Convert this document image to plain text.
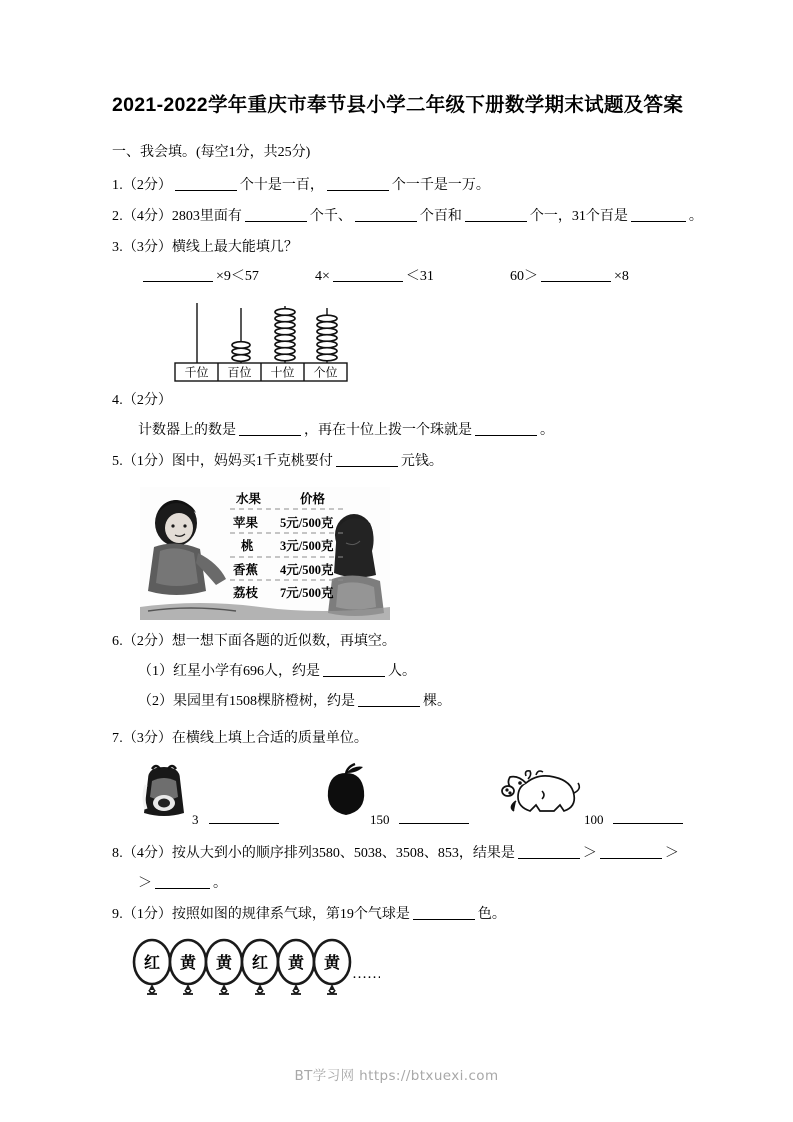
2021-2022学年重庆市奉节县小学二年级下册数学期末试题及答案
一、我会填。(每空1分，共25分)
1.（2分）	个十是一百，	个一千是一万。
2.（4分）2803里面有	个千、	个百和	个一，31个百是	。
3.（3分）横线上最大能填几？
×9＜57	4×	＜31	60＞	×8
千位 百位 十位 个位
4.（2分）
计数器上的数是	，再在十位上拨一个珠就是	。
5.（1分）图中，妈妈买1千克桃要付	元钱。
水果	价格
苹果 5元/500克
桃 3元/500克
香蕉 4元/500克
荔枝 7元/500克
6.（2分）想一想下面各题的近似数，再填空。
（1）红星小学有696人，约是	人。
（2）果园里有1508棵脐橙树，约是	棵。
7.（3分）在横线上填上合适的质量单位。
3	150	100
8.（4分）按从大到小的顺序排列3580、5038、3508、853，结果是	＞	＞
＞	。
9.（1分）按照如图的规律系气球，第19个气球是	色。
红 黄 黄 红 黄 黄
……
BT学习网 https://btxuexi.com
